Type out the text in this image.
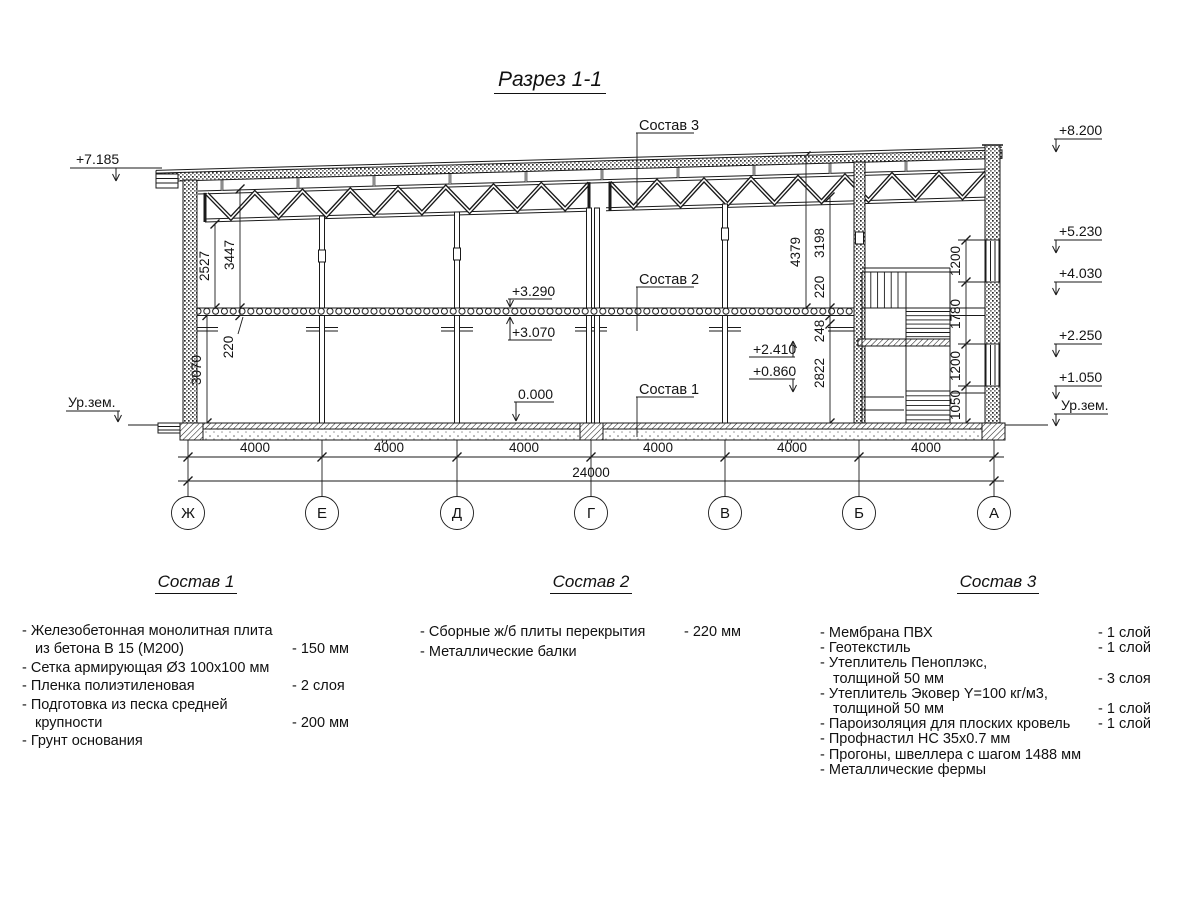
Разрез 1-1
+7.185
Ур.зем.
+8.200
+5.230
+4.030
+2.250
+1.050
Ур.зем.
+3.290
+3.070
0.000
+2.410
+0.860
Состав 3
Состав 2
Состав 1
2527 3447
220
3070
4379 3198
220
248
2822
1200
1780
1200
1050
4000	4000	4000	4000	4000	4000
24000
Ж	Е	Д	Г	В	Б	А
Состав 1
- Железобетонная монолитная плита
из бетона В 15 (М200)	- 150 мм
- Сетка армирующая Ø3 100х100 мм
- Пленка полиэтиленовая	- 2 слоя
- Подготовка из песка средней
крупности	- 200 мм
- Грунт основания
Состав 2
- Сборные ж/б плиты перекрытия	- 220 мм
- Металлические балки
Состав 3
- Мембрана ПВХ	- 1 слой
- Геотекстиль	- 1 слой
- Утеплитель Пеноплэкс,
толщиной 50 мм	- 3 слоя
- Утеплитель Эковер Y=100 кг/м3,
толщиной 50 мм	- 1 слой
- Пароизоляция для плоских кровель - 1 слой
- Профнастил НС 35х0.7 мм
- Прогоны, швеллера с шагом 1488 мм
- Металлические фермы
